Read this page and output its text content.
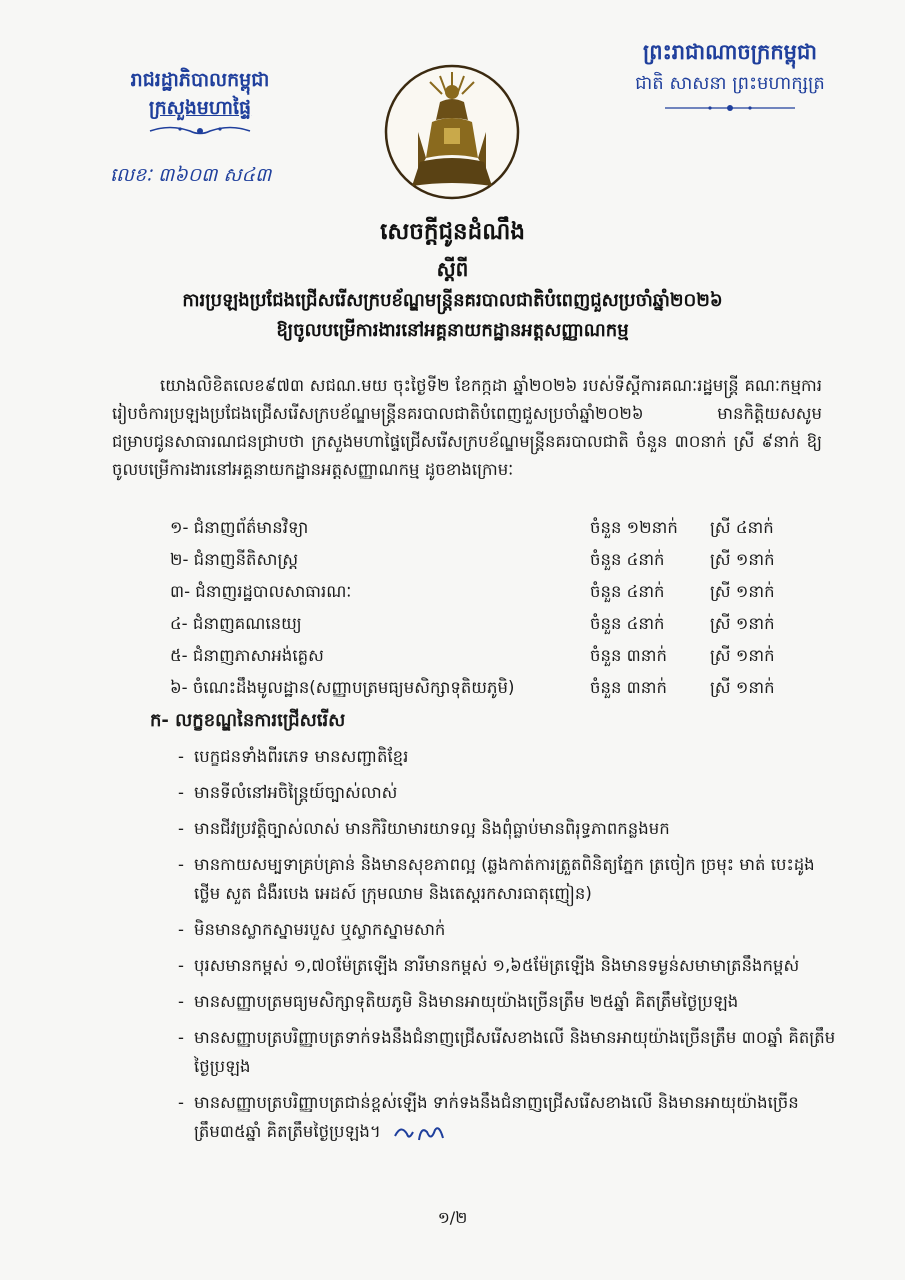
រាជរដ្ឋាភិបាលកម្ពុជា
ក្រសួងមហាផ្ទៃ
លេខៈ ៣៦០៣ ស៤៣
ព្រះរាជាណាចក្រកម្ពុជា
ជាតិ សាសនា ព្រះមហាក្សត្រ
សេចក្តីជូនដំណឹង
ស្តីពី
ការប្រឡងប្រជែងជ្រើសរើសក្របខ័ណ្ឌមន្ត្រីនគរបាលជាតិបំពេញជួសប្រចាំឆ្នាំ២០២៦
ឱ្យចូលបម្រើការងារនៅអគ្គនាយកដ្ឋានអត្តសញ្ញាណកម្ម

យោងលិខិតលេខ៩៧៣ សជណ.មយ ចុះថ្ងៃទី២ ខែកក្កដា ឆ្នាំ២០២៦ របស់ទីស្តីការគណៈរដ្ឋមន្ត្រី គណៈកម្មការរៀបចំការប្រឡងប្រជែងជ្រើសរើសក្របខ័ណ្ឌមន្ត្រីនគរបាលជាតិបំពេញជួសប្រចាំឆ្នាំ២០២៦ មានកិត្តិយសសូមជម្រាបជូនសាធារណជនជ្រាបថា ក្រសួងមហាផ្ទៃជ្រើសរើសក្របខ័ណ្ឌមន្ត្រីនគរបាលជាតិ ចំនួន ៣០នាក់ ស្រី ៩នាក់ ឱ្យចូលបម្រើការងារនៅអគ្គនាយកដ្ឋានអត្តសញ្ញាណកម្ម ដូចខាងក្រោមៈ

១- ជំនាញព័ត៌មានវិទ្យា	ចំនួន ១២នាក់	ស្រី ៤នាក់
២- ជំនាញនីតិសាស្ត្រ	ចំនួន ៤នាក់	ស្រី ១នាក់
៣- ជំនាញរដ្ឋបាលសាធារណៈ	ចំនួន ៤នាក់	ស្រី ១នាក់
៤- ជំនាញគណនេយ្យ	ចំនួន ៤នាក់	ស្រី ១នាក់
៥- ជំនាញភាសាអង់គ្លេស	ចំនួន ៣នាក់	ស្រី ១នាក់
៦- ចំណេះដឹងមូលដ្ឋាន(សញ្ញាបត្រមធ្យមសិក្សាទុតិយភូមិ)	ចំនួន ៣នាក់	ស្រី ១នាក់
ក- លក្ខខណ្ឌនៃការជ្រើសរើស
- បេក្ខជនទាំងពីរភេទ មានសញ្ជាតិខ្មែរ
- មានទីលំនៅអចិន្ត្រៃយ៍ច្បាស់លាស់
- មានជីវប្រវត្តិច្បាស់លាស់ មានកិរិយាមារយាទល្អ និងពុំធ្លាប់មានពិរុទ្ធភាពកន្លងមក
- មានកាយសម្បទាគ្រប់គ្រាន់ និងមានសុខភាពល្អ (ឆ្លងកាត់ការត្រួតពិនិត្យភ្នែក ត្រចៀក ច្រមុះ មាត់ បេះដូង ថ្លើម សួត ជំងឺរបេង អេដស៍ ក្រុមឈាម និងតេស្តរកសារធាតុញៀន)
- មិនមានស្លាកស្នាមរបួស ឬស្លាកស្នាមសាក់
- បុរសមានកម្ពស់ ១,៧០ម៉ែត្រឡើង នារីមានកម្ពស់ ១,៦៥ម៉ែត្រឡើង និងមានទម្ងន់សមាមាត្រនឹងកម្ពស់
- មានសញ្ញាបត្រមធ្យមសិក្សាទុតិយភូមិ និងមានអាយុយ៉ាងច្រើនត្រឹម ២៥ឆ្នាំ គិតត្រឹមថ្ងៃប្រឡង
- មានសញ្ញាបត្របរិញ្ញាបត្រទាក់ទងនឹងជំនាញជ្រើសរើសខាងលើ និងមានអាយុយ៉ាងច្រើនត្រឹម ៣០ឆ្នាំ គិតត្រឹមថ្ងៃប្រឡង
- មានសញ្ញាបត្របរិញ្ញាបត្រជាន់ខ្ពស់ឡើង ទាក់ទងនឹងជំនាញជ្រើសរើសខាងលើ និងមានអាយុយ៉ាងច្រើនត្រឹម៣៥ឆ្នាំ គិតត្រឹមថ្ងៃប្រឡង។
១/២
